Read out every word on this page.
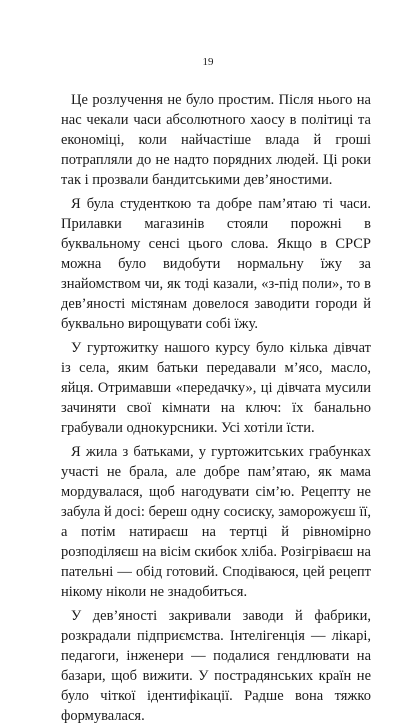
19

Це розлучення не було простим. Після нього на нас чекали часи абсолютного хаосу в політиці та економіці, коли найчастіше влада й гроші потрапляли до не надто порядних людей. Ці роки так і прозвали бандитськими дев’яностими.

Я була студенткою та добре пам’ятаю ті часи. Прилавки магазинів стояли порожні в буквальному сенсі цього слова. Якщо в СРСР можна було видобути нормальну їжу за знайомством чи, як тоді казали, «з-під поли», то в дев’яності містянам довелося заводити городи й буквально вирощувати собі їжу.

У гуртожитку нашого курсу було кілька дівчат із села, яким батьки передавали м’ясо, масло, яйця. Отримавши «передачку», ці дівчата мусили зачиняти свої кімнати на ключ: їх банально грабували однокурсники. Усі хотіли їсти.

Я жила з батьками, у гуртожитських грабунках участі не брала, але добре пам’ятаю, як мама мордувалася, щоб нагодувати сім’ю. Рецепту не забула й досі: береш одну сосиску, заморожуєш її, а потім натираєш на тертці й рівномірно розподіляєш на вісім скибок хліба. Розігріваєш на пательні — обід готовий. Сподіваюся, цей рецепт нікому ніколи не знадобиться.

У дев’яності закривали заводи й фабрики, розкрадали підприємства. Інтелігенція — лікарі, педагоги, інженери — подалися гендлювати на базари, щоб вижити. У пострадянських країн не було чіткої ідентифікації. Радше вона тяжко формувалася.
